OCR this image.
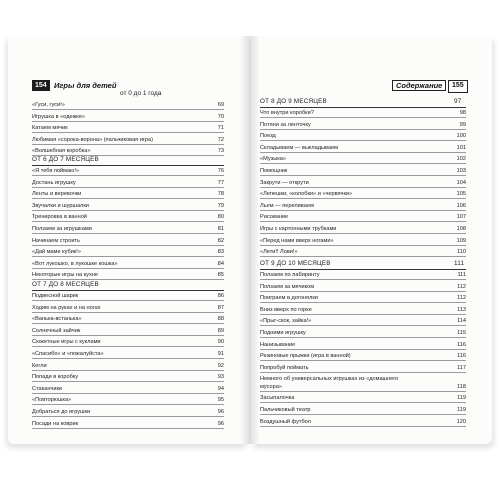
154 Игры для детей
от 0 до 1 года
«Гуси, гуси!»	69
Игрушка в «одежке»	70
Катаем мячик	71
Любимая «сорока-ворона» (пальчиковая игра)	72
«Волшебная коробка»	73
ОТ 6 ДО 7 МЕСЯЦЕВ
«Я тебя поймаю!»	76
Достань игрушку	77
Ленты и веревочки	78
Звучалки и шуршалки	79
Тренировка в ванной	80
Ползаем за игрушками	81
Начинаем строить	82
«Дай маме кубик!»	83
«Вот лукошко, в лукошке кошка»	84
Некоторые игры на кухне	85
ОТ 7 ДО 8 МЕСЯЦЕВ
Подвесной шарик	86
Ходим на руках и на ногах	87
«Ванька-встанька»	88
Солнечный зайчик	89
Сюжетные игры с куклами	90
«Спасибо» и «пожалуйста»	91
Кегли	92
Попади в коробку	93
Стаканчики	94
«Повторюшка»	95
Добраться до игрушки	96
Посади на коврик	96
Содержание	155
ОТ 8 ДО 9 МЕСЯЦЕВ	97
Что внутри коробки?	98
Потяни за ленточку	99
Поезд	100
Складываем — выкладываем	101
«Музыка»	102
Помощник	103
Закрути — открути	104
«Лепешки, «колобки» и «червячки»	105
Льем — переливаем	106
Рисование	107
Игры с картонными трубками	108
«Перед нами вверх ногами»	109
«Лети!! Лови!»	110
ОТ 9 ДО 10 МЕСЯЦЕВ	111
Ползаем по лабиринту	111
Ползаем за мячиком	112
Поиграем в догонялки	112
Вниз вверх по горке	113
«Прыг-скок, зайка!»	114
Подними игрушку	115
Нанизывание	116
Резиновые прыжки (игра в ванной)	116
Попробуй поймать	117
Немного об универсальных игрушках из «домашнего мусора»	118
Засыпалочка	119
Пальчиковый театр	119
Воздушный футбол	120
